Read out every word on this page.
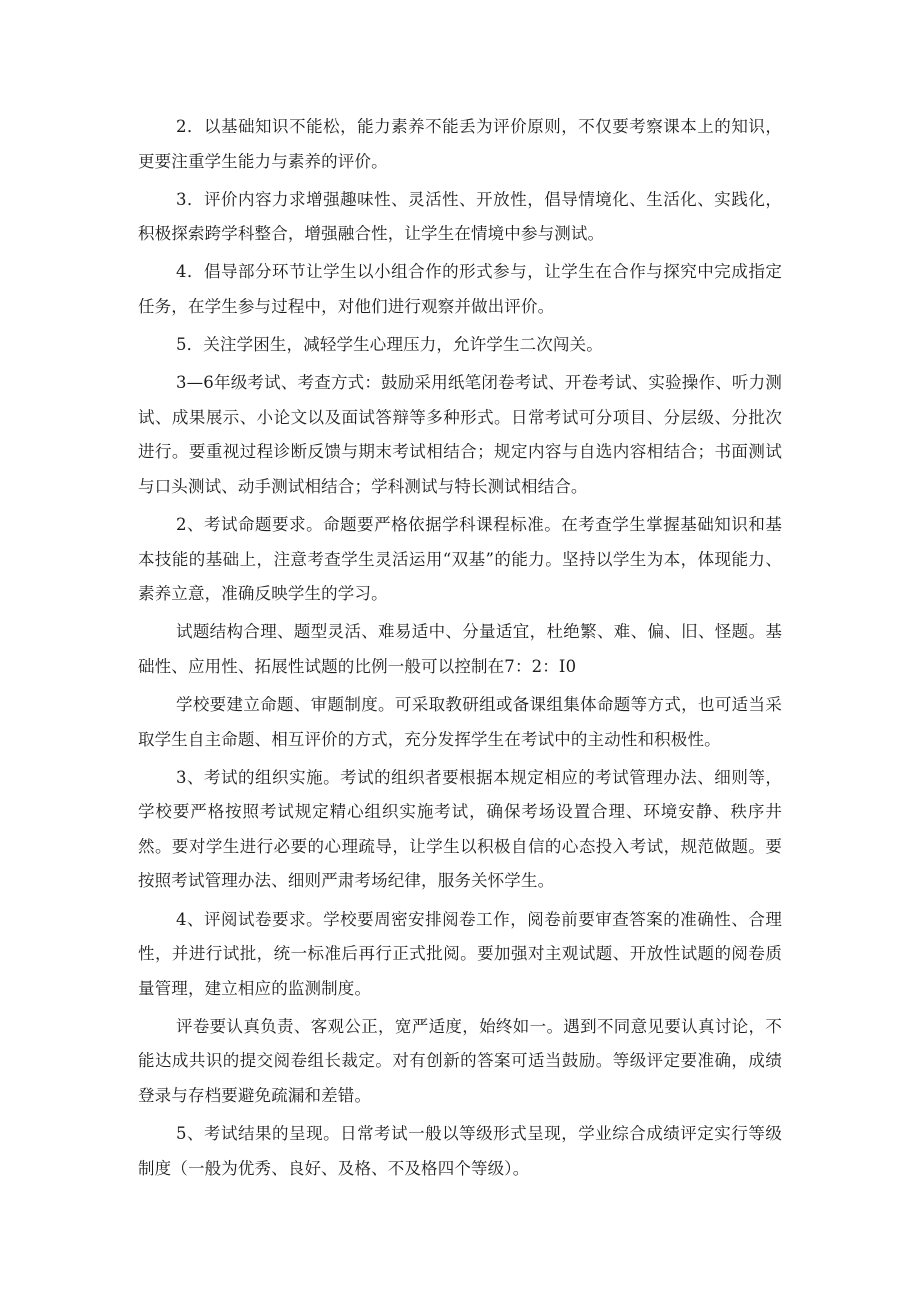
2．以基础知识不能松，能力素养不能丢为评价原则，不仅要考察课本上的知识，更要注重学生能力与素养的评价。

3．评价内容力求增强趣味性、灵活性、开放性，倡导情境化、生活化、实践化，积极探索跨学科整合，增强融合性，让学生在情境中参与测试。

4．倡导部分环节让学生以小组合作的形式参与，让学生在合作与探究中完成指定任务，在学生参与过程中，对他们进行观察并做出评价。

5．关注学困生，减轻学生心理压力，允许学生二次闯关。

3—6年级考试、考查方式：鼓励采用纸笔闭卷考试、开卷考试、实验操作、听力测试、成果展示、小论文以及面试答辩等多种形式。日常考试可分项目、分层级、分批次进行。要重视过程诊断反馈与期末考试相结合；规定内容与自选内容相结合；书面测试与口头测试、动手测试相结合；学科测试与特长测试相结合。

2、考试命题要求。命题要严格依据学科课程标准。在考查学生掌握基础知识和基本技能的基础上，注意考查学生灵活运用“双基”的能力。坚持以学生为本，体现能力、素养立意，准确反映学生的学习。

试题结构合理、题型灵活、难易适中、分量适宜，杜绝繁、难、偏、旧、怪题。基础性、应用性、拓展性试题的比例一般可以控制在7：2：I0

学校要建立命题、审题制度。可采取教研组或备课组集体命题等方式，也可适当采取学生自主命题、相互评价的方式，充分发挥学生在考试中的主动性和积极性。

3、考试的组织实施。考试的组织者要根据本规定相应的考试管理办法、细则等，学校要严格按照考试规定精心组织实施考试，确保考场设置合理、环境安静、秩序井然。要对学生进行必要的心理疏导，让学生以积极自信的心态投入考试，规范做题。要按照考试管理办法、细则严肃考场纪律，服务关怀学生。

4、评阅试卷要求。学校要周密安排阅卷工作，阅卷前要审查答案的准确性、合理性，并进行试批，统一标准后再行正式批阅。要加强对主观试题、开放性试题的阅卷质量管理，建立相应的监测制度。

评卷要认真负责、客观公正，宽严适度，始终如一。遇到不同意见要认真讨论，不能达成共识的提交阅卷组长裁定。对有创新的答案可适当鼓励。等级评定要准确，成绩登录与存档要避免疏漏和差错。

5、考试结果的呈现。日常考试一般以等级形式呈现，学业综合成绩评定实行等级制度（一般为优秀、良好、及格、不及格四个等级）。
